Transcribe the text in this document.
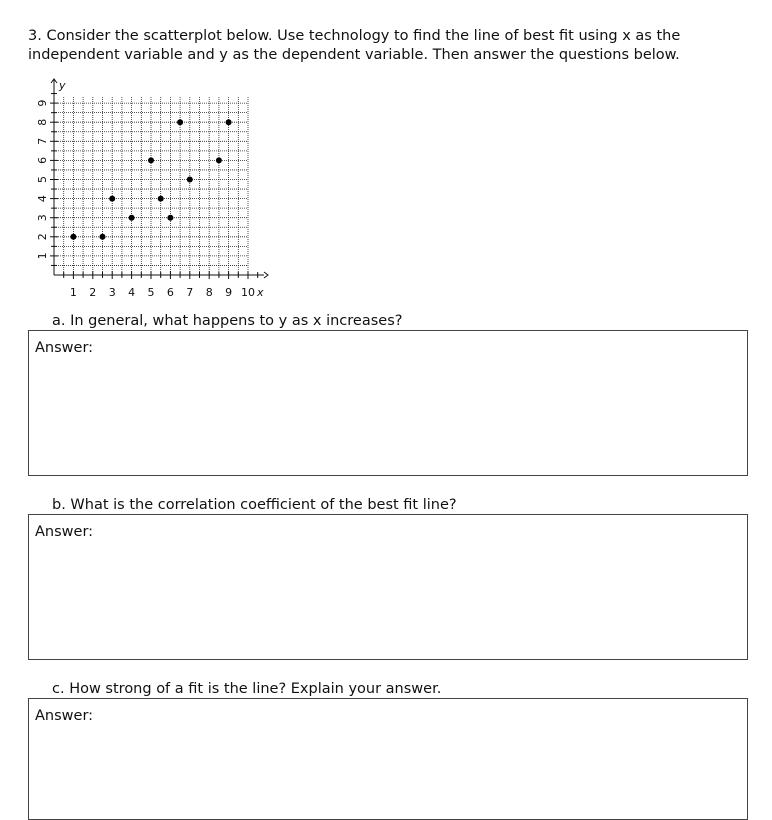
3. Consider the scatterplot below. Use technology to find the line of best fit using x as the
independent variable and y as the dependent variable. Then answer the questions below.

1 2 3 4 5 6 7 8 9 10
1
2
3
4
5
6
7
8
9
x
y

a. In general, what happens to y as x increases?

Answer:

b. What is the correlation coefficient of the best fit line?

Answer:

c. How strong of a fit is the line? Explain your answer.

Answer:
